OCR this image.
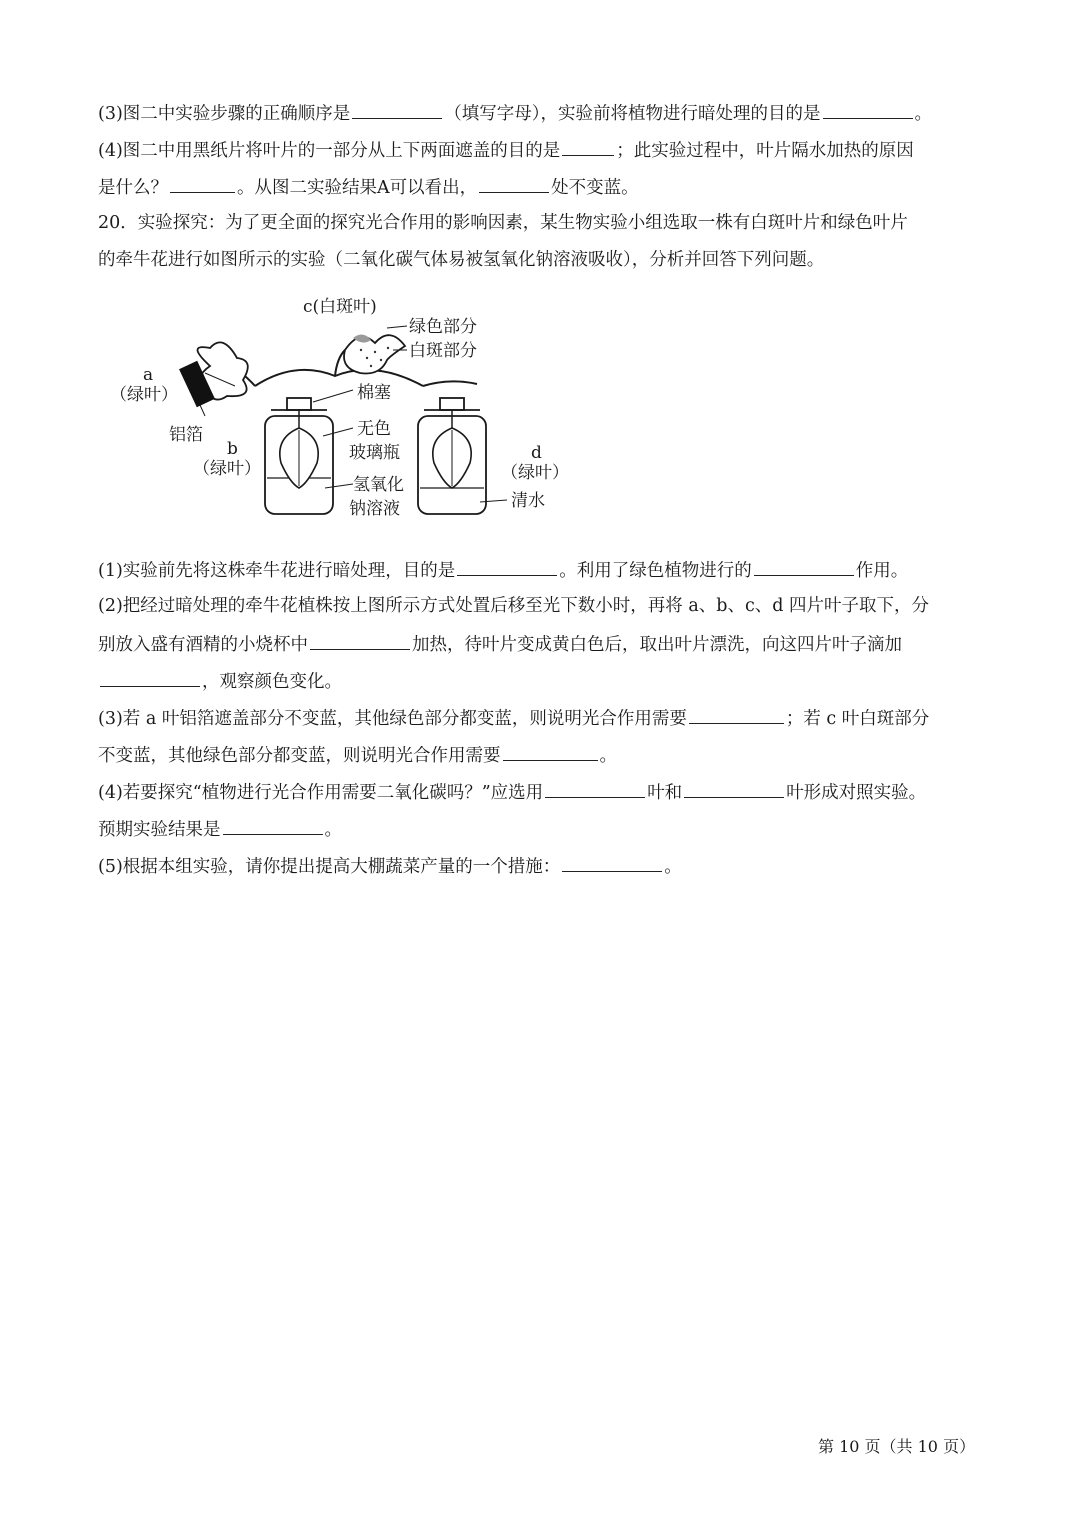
(3)图二中实验步骤的正确顺序是	（填写字母），实验前将植物进行暗处理的目的是	。
(4)图二中用黑纸片将叶片的一部分从上下两面遮盖的目的是	；此实验过程中，叶片隔水加热的原因
是什么？	。从图二实验结果A可以看出，	处不变蓝。
20．实验探究：为了更全面的探究光合作用的影响因素，某生物实验小组选取一株有白斑叶片和绿色叶片
的牵牛花进行如图所示的实验（二氧化碳气体易被氢氧化钠溶液吸收），分析并回答下列问题。
(1)实验前先将这株牵牛花进行暗处理，目的是	。利用了绿色植物进行的	作用。
(2)把经过暗处理的牵牛花植株按上图所示方式处置后移至光下数小时，再将 a、b、c、d 四片叶子取下，分
别放入盛有酒精的小烧杯中	加热，待叶片变成黄白色后，取出叶片漂洗，向这四片叶子滴加
，观察颜色变化。
(3)若 a 叶铝箔遮盖部分不变蓝，其他绿色部分都变蓝，则说明光合作用需要	；若 c 叶白斑部分
不变蓝，其他绿色部分都变蓝，则说明光合作用需要	。
(4)若要探究“植物进行光合作用需要二氧化碳吗？”应选用	叶和	叶形成对照实验。
预期实验结果是	。
(5)根据本组实验，请你提出提高大棚蔬菜产量的一个措施：	。
c(白斑叶)
绿色部分
白斑部分
a
（绿叶）	棉塞
铝箔
b
（绿叶）
无色
玻璃瓶	d
（绿叶）
氢氧化
钠溶液	清水
第 10 页（共 10 页）
